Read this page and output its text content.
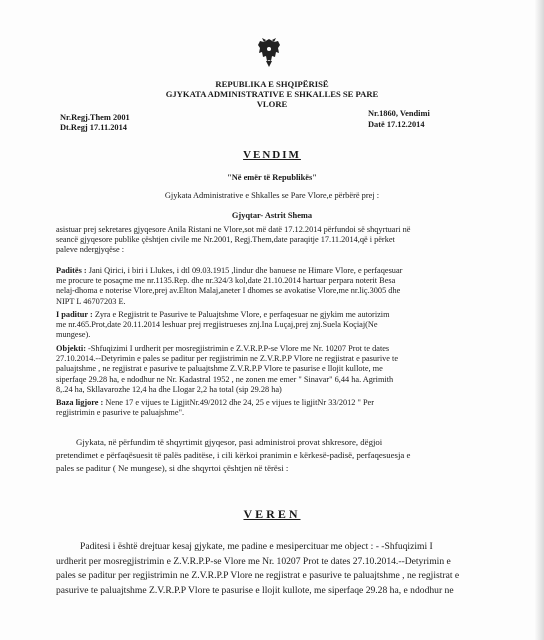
REPUBLIKA E SHQIPËRISË
GJYKATA ADMINISTRATIVE E SHKALLES SE PARE
VLORE
Nr.Regj.Them 2001
Dt.Regj 17.11.2014
Nr.1860, Vendimi
Datë 17.12.2014
VENDIM
"Në emër të Republikës"
Gjykata Administrative e Shkalles se Pare Vlore,e përbërë prej :
Gjyqtar- Astrit Shema

asistuar prej sekretares gjyqesore Anila Ristani ne Vlore,sot më datë 17.12.2014 përfundoi së shqyrtuari në

seancë gjyqesore publike çështjen civile me Nr.2001, Regj.Them,date paraqitje 17.11.2014,që i përket

paleve ndergjyqëse :

Paditës : Jani Qirici, i biri i Llukes, i dtl 09.03.1915 ,lindur dhe banuese ne Himare Vlore, e perfaqesuar

me procure te posaçme me nr.1135.Rep. dhe nr.324/3 kol,date 21.10.2014 hartuar perpara noterit Besa

nelaj-dhoma e noterise Vlore,prej av.Elton Malaj,aneter I dhomes se avokatise Vlore,me nr.liç.3005 dhe

NIPT L 46707203 E.

I paditur : Zyra e Regjistrit te Pasurive te Paluajtshme Vlore, e perfaqesuar ne gjykim me autorizim

me nr.465.Prot,date 20.11.2014 leshuar prej rregjistrueses znj.Ina Luçaj,prej znj.Suela Koçiaj(Ne

mungese).

Objekti: -Shfuqizimi I urdherit per mosregjistrimin e Z.V.R.P.P-se Vlore me Nr. 10207 Prot te dates

27.10.2014.--Detyrimin e pales se paditur per regjistrimin ne Z.V.R.P.P Vlore ne regjistrat e pasurive te

paluajtshme , ne regjistrat e pasurive te paluajtshme Z.V.R.P.P Vlore te pasurise e llojit kullote, me

siperfaqe 29.28 ha, e ndodhur ne Nr. Kadastral 1952 , ne zonen me emer " Sinavar" 6,44 ha. Agrimith

8,.24 ha, Skllavarozhe 12,4 ha dhe Llogar 2,2 ha total (sip 29.28 ha)

Baza ligjore : Nene 17 e vijues te LigjitNr.49/2012 dhe 24, 25 e vijues te ligjitNr 33/2012 " Per

regjistrimin e pasurive te paluajshme".

Gjykata, në përfundim të shqyrtimit gjyqesor, pasi administroi provat shkresore, dëgjoi

pretendimet e përfaqësuesit të palës paditëse, i cili kërkoi pranimin e kërkesë-padisë, perfaqesuesja e

pales se paditur ( Ne mungese), si dhe shqyrtoi çështjen në tërësi :

VEREN
Paditesi i është drejtuar kesaj gjykate, me padine e mesipercituar me object : - -Shfuqizimi I
urdherit per mosregjistrimin e Z.V.R.P.P-se Vlore me Nr. 10207 Prot te dates 27.10.2014.--Detyrimin e
pales se paditur per regjistrimin ne Z.V.R.P.P Vlore ne regjistrat e pasurive te paluajtshme , ne regjistrat e
pasurive te paluajtshme Z.V.R.P.P Vlore te pasurise e llojit kullote, me siperfaqe 29.28 ha, e ndodhur ne
